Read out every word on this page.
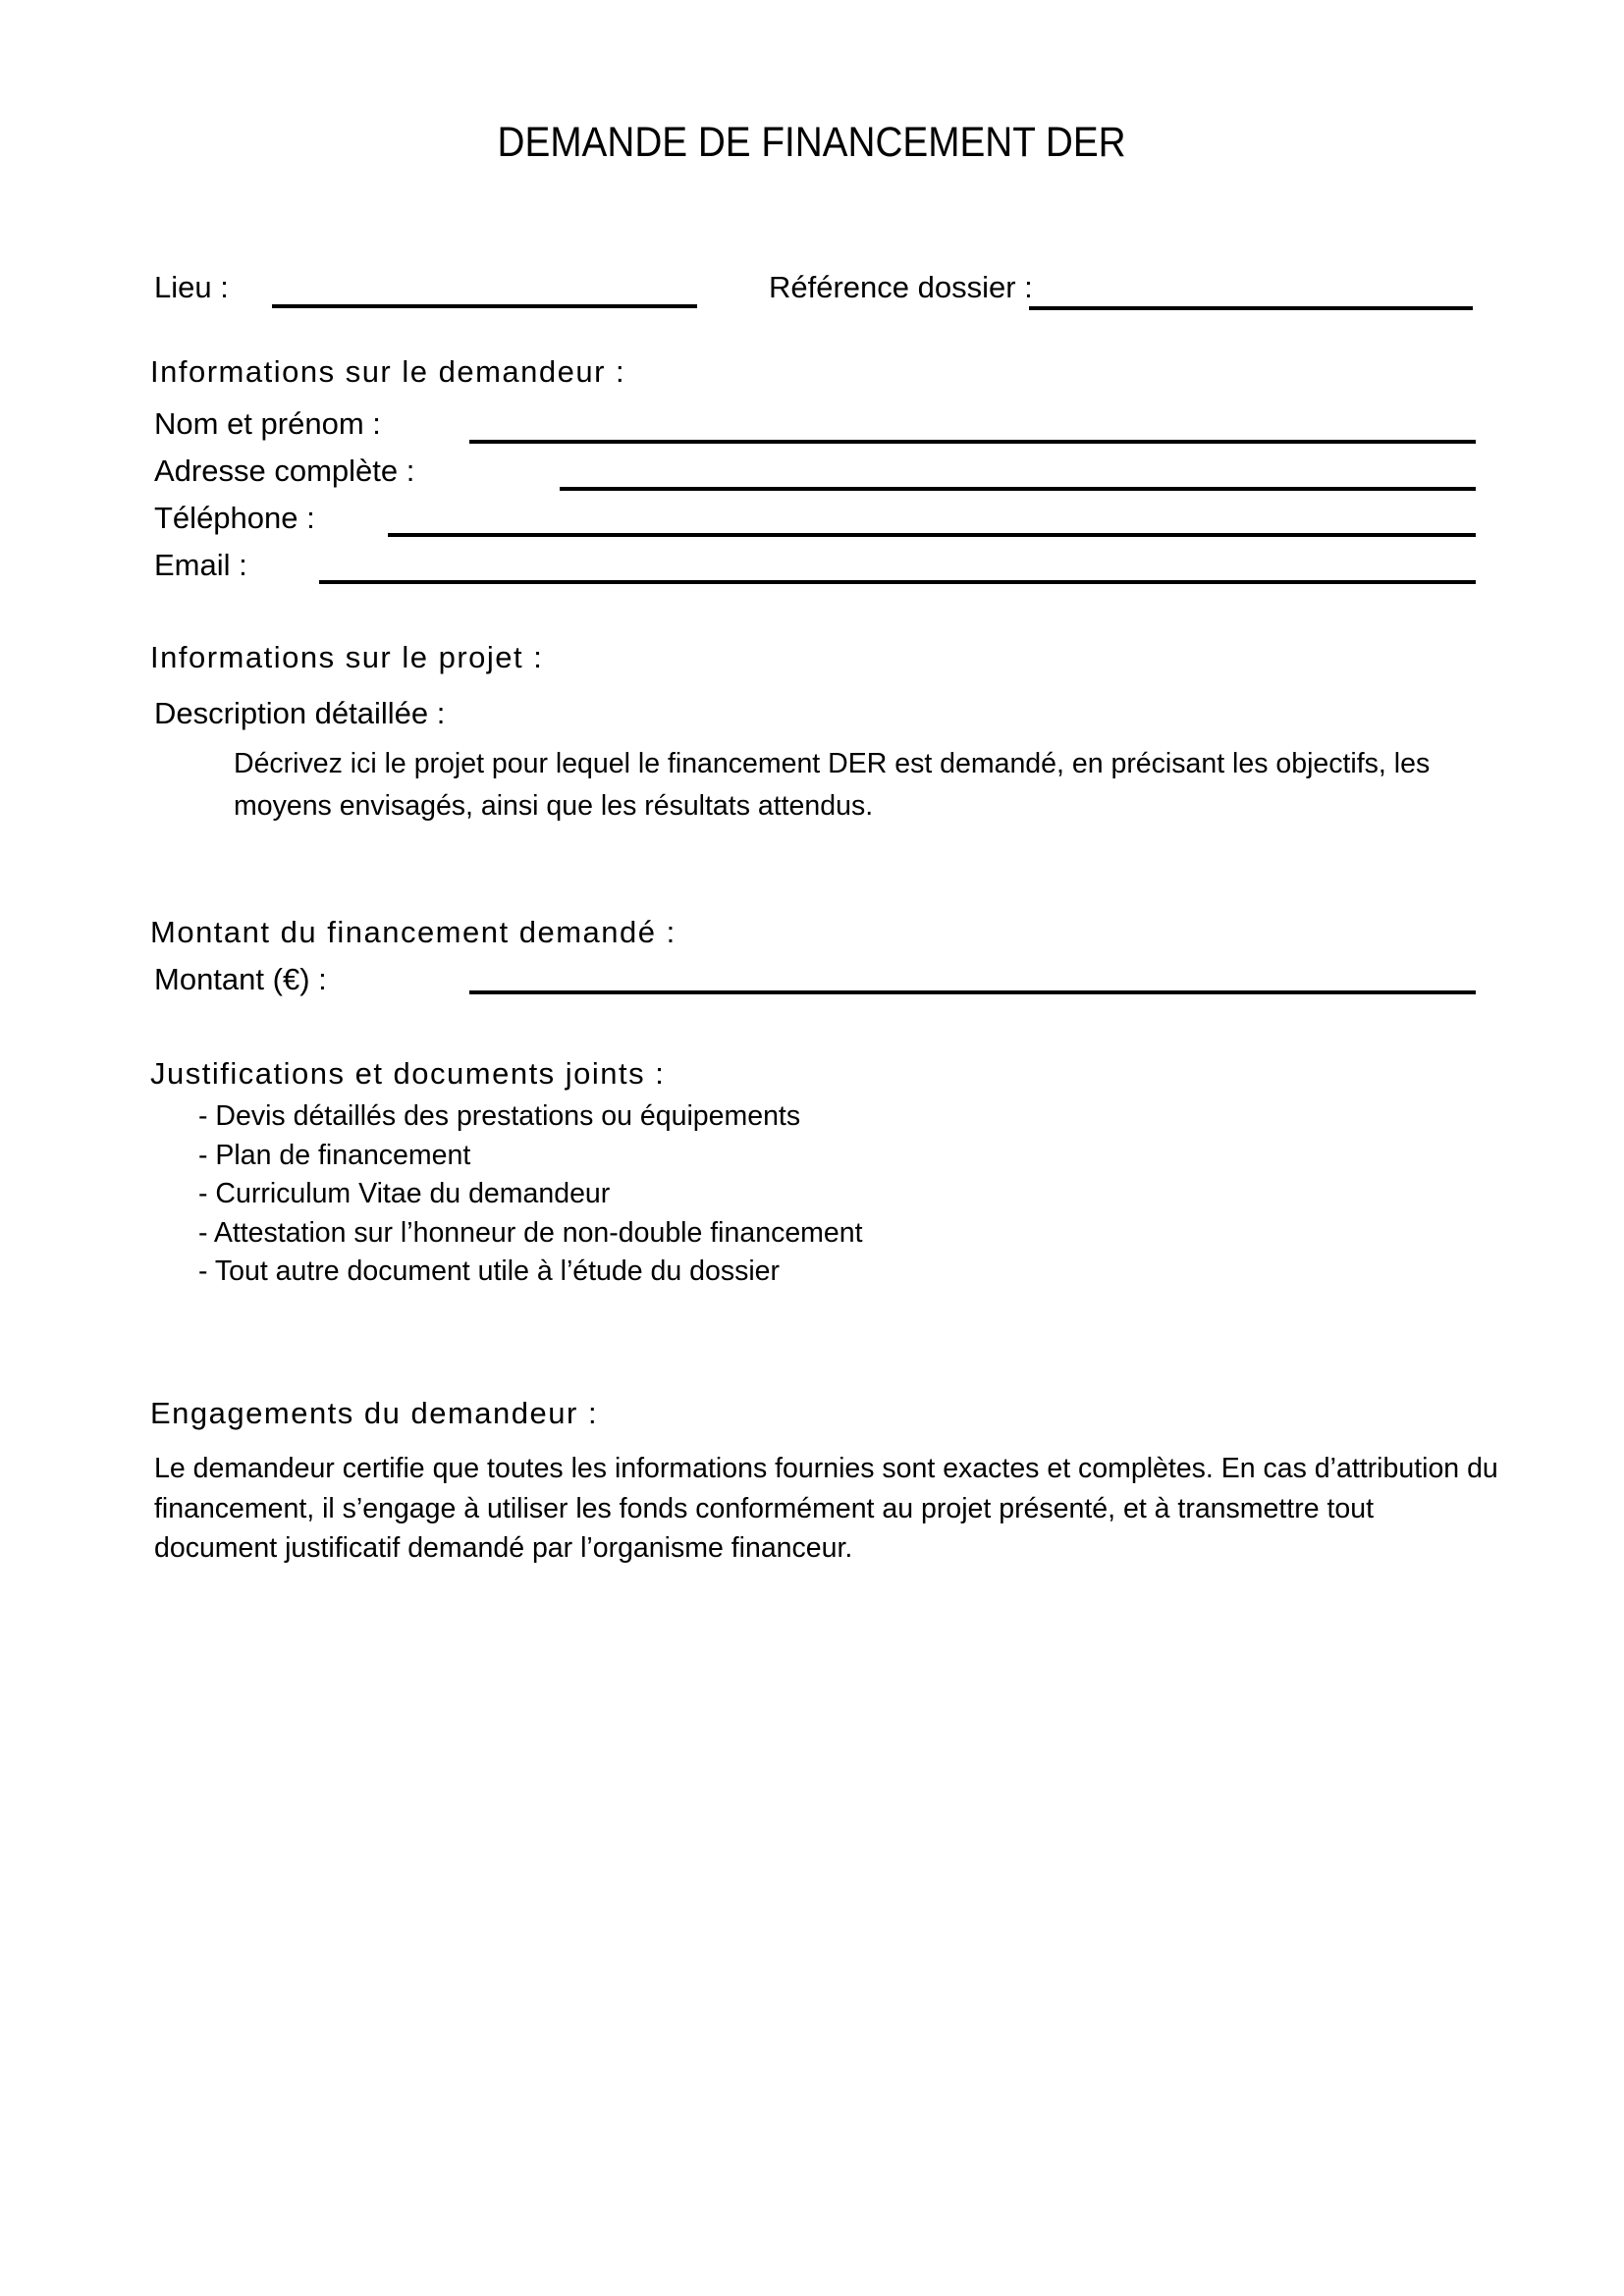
DEMANDE DE FINANCEMENT DER
Lieu :	Référence dossier :
Informations sur le demandeur :
Nom et prénom :
Adresse complète :
Téléphone :
Email :
Informations sur le projet :
Description détaillée :
Décrivez ici le projet pour lequel le financement DER est demandé, en précisant les objectifs, les
moyens envisagés, ainsi que les résultats attendus.
Montant du financement demandé :
Montant (€) :
Justifications et documents joints :
- Devis détaillés des prestations ou équipements
- Plan de financement
- Curriculum Vitae du demandeur
- Attestation sur l’honneur de non-double financement
- Tout autre document utile à l’étude du dossier
Engagements du demandeur :
Le demandeur certifie que toutes les informations fournies sont exactes et complètes. En cas d’attribution du
financement, il s’engage à utiliser les fonds conformément au projet présenté, et à transmettre tout
document justificatif demandé par l’organisme financeur.
